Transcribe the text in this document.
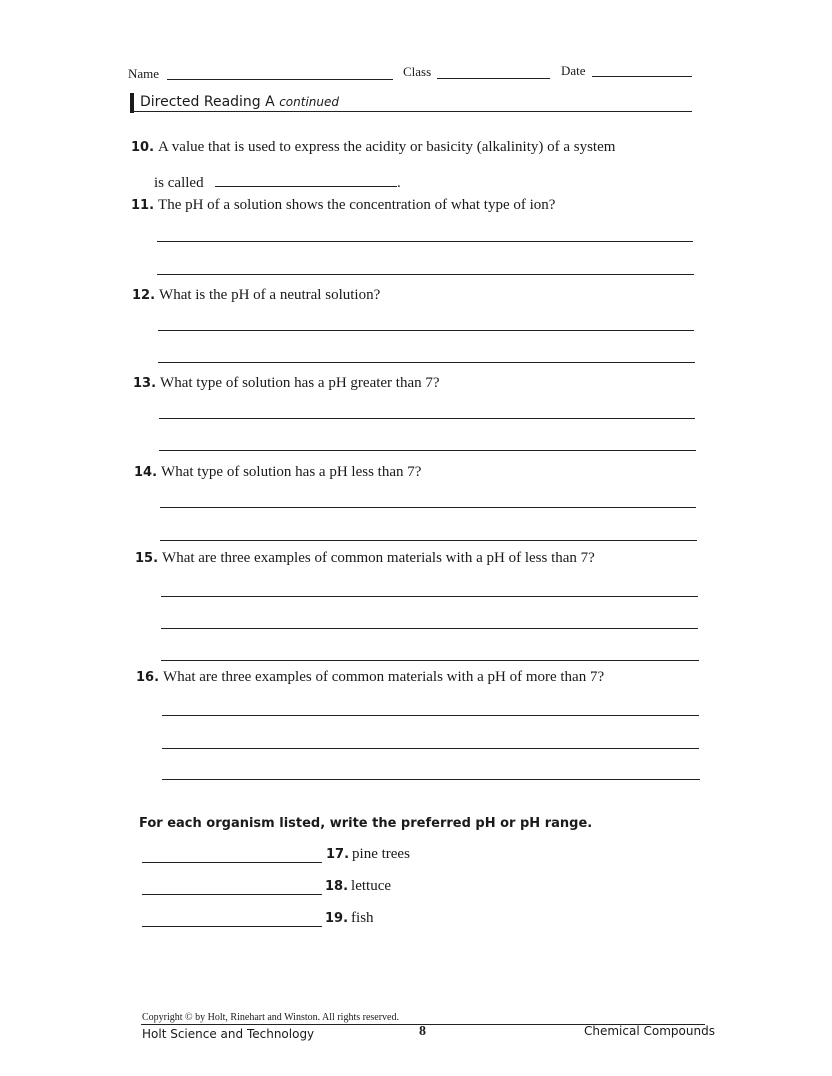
Name	Class	Date
Directed Reading A continued
10. A value that is used to express the acidity or basicity (alkalinity) of a system
is called	.
11. The pH of a solution shows the concentration of what type of ion?
12. What is the pH of a neutral solution?
13. What type of solution has a pH greater than 7?
14. What type of solution has a pH less than 7?
15. What are three examples of common materials with a pH of less than 7?
16. What are three examples of common materials with a pH of more than 7?
For each organism listed, write the preferred pH or pH range.
17. pine trees
18. lettuce
19. fish
Copyright © by Holt, Rinehart and Winston. All rights reserved.
Holt Science and Technology	8	Chemical Compounds
